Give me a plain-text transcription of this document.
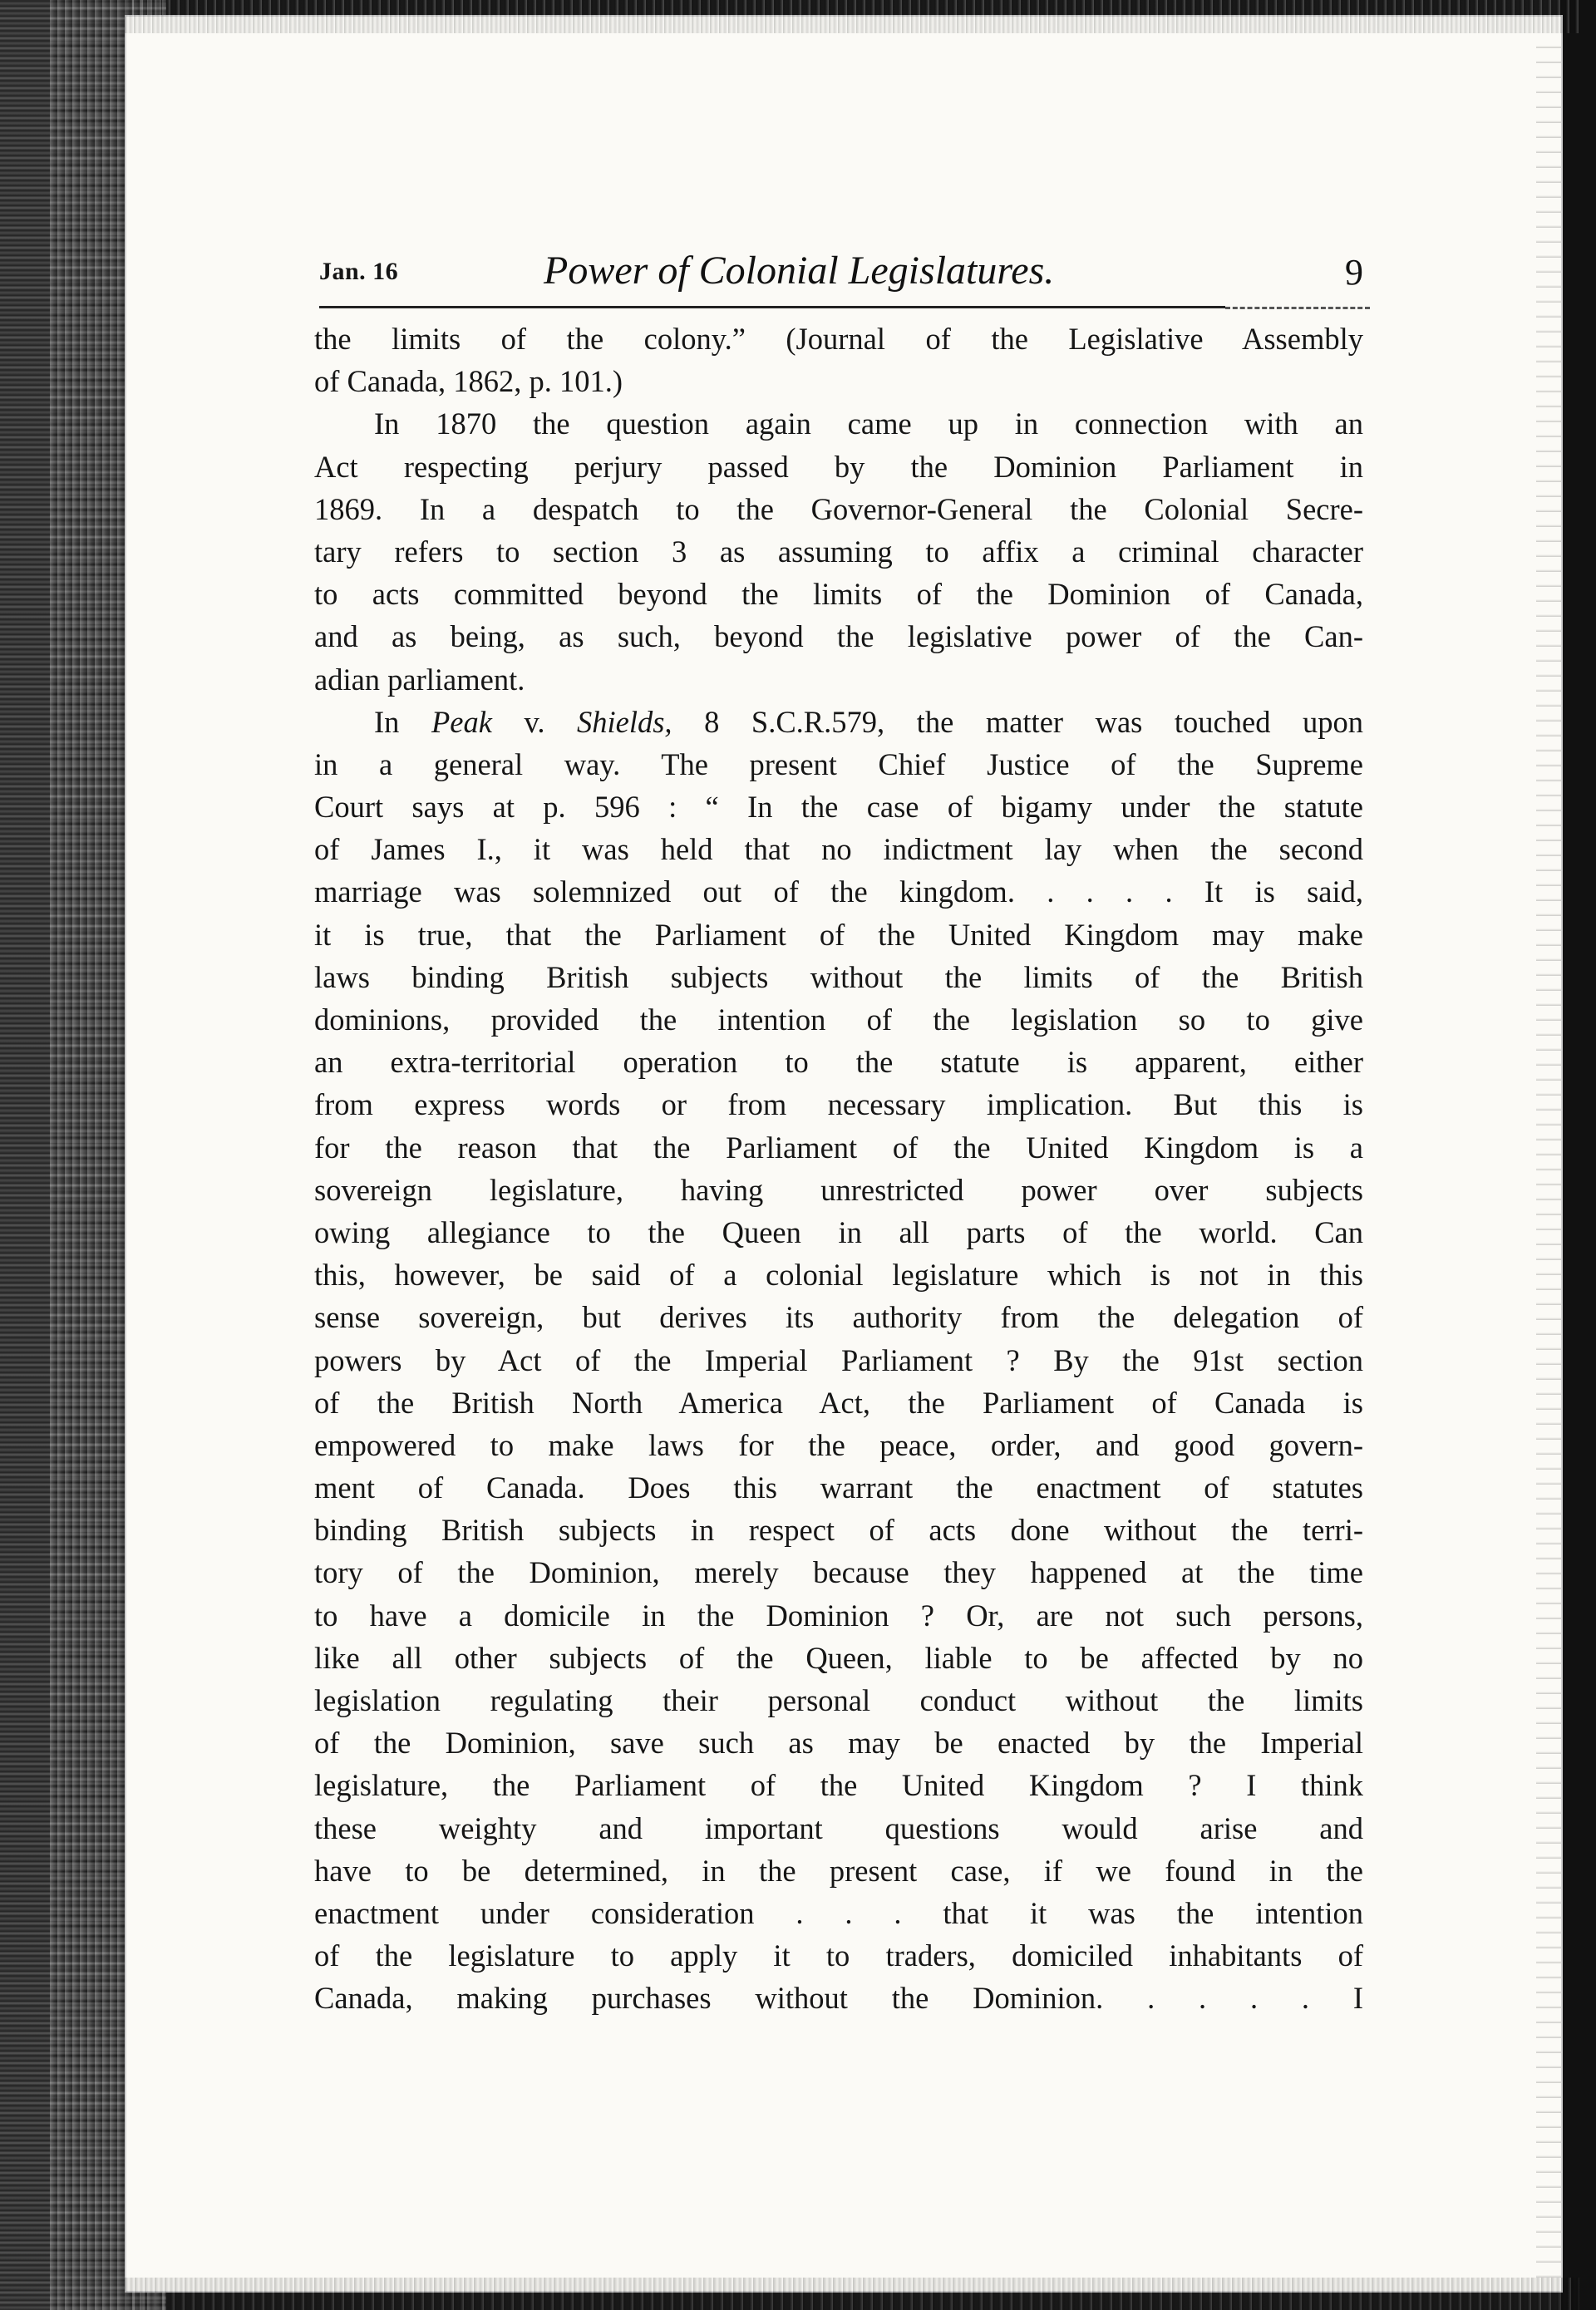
Jan. 16	Power of Colonial Legislatures.	9
the limits of the colony.” (Journal of the Legislative Assembly
of Canada, 1862, p. 101.)
In 1870 the question again came up in connection with an
Act respecting perjury passed by the Dominion Parliament in
1869. In a despatch to the Governor-General the Colonial Secre-
tary refers to section 3 as assuming to affix a criminal character
to acts committed beyond the limits of the Dominion of Canada,
and as being, as such, beyond the legislative power of the Can-
adian parliament.
In Peak v. Shields, 8 S.C.R.579, the matter was touched upon
in a general way. The present Chief Justice of the Supreme
Court says at p. 596 : “ In the case of bigamy under the statute
of James I., it was held that no indictment lay when the second
marriage was solemnized out of the kingdom. . . . . It is said,
it is true, that the Parliament of the United Kingdom may make
laws binding British subjects without the limits of the British
dominions, provided the intention of the legislation so to give
an extra-territorial operation to the statute is apparent, either
from express words or from necessary implication. But this is
for the reason that the Parliament of the United Kingdom is a
sovereign legislature, having unrestricted power over subjects
owing allegiance to the Queen in all parts of the world. Can
this, however, be said of a colonial legislature which is not in this
sense sovereign, but derives its authority from the delegation of
powers by Act of the Imperial Parliament ? By the 91st section
of the British North America Act, the Parliament of Canada is
empowered to make laws for the peace, order, and good govern-
ment of Canada. Does this warrant the enactment of statutes
binding British subjects in respect of acts done without the terri-
tory of the Dominion, merely because they happened at the time
to have a domicile in the Dominion ? Or, are not such persons,
like all other subjects of the Queen, liable to be affected by no
legislation regulating their personal conduct without the limits
of the Dominion, save such as may be enacted by the Imperial
legislature, the Parliament of the United Kingdom ? I think
these weighty and important questions would arise and
have to be determined, in the present case, if we found in the
enactment under consideration . . . that it was the intention
of the legislature to apply it to traders, domiciled inhabitants of
Canada, making purchases without the Dominion. . . . . I
